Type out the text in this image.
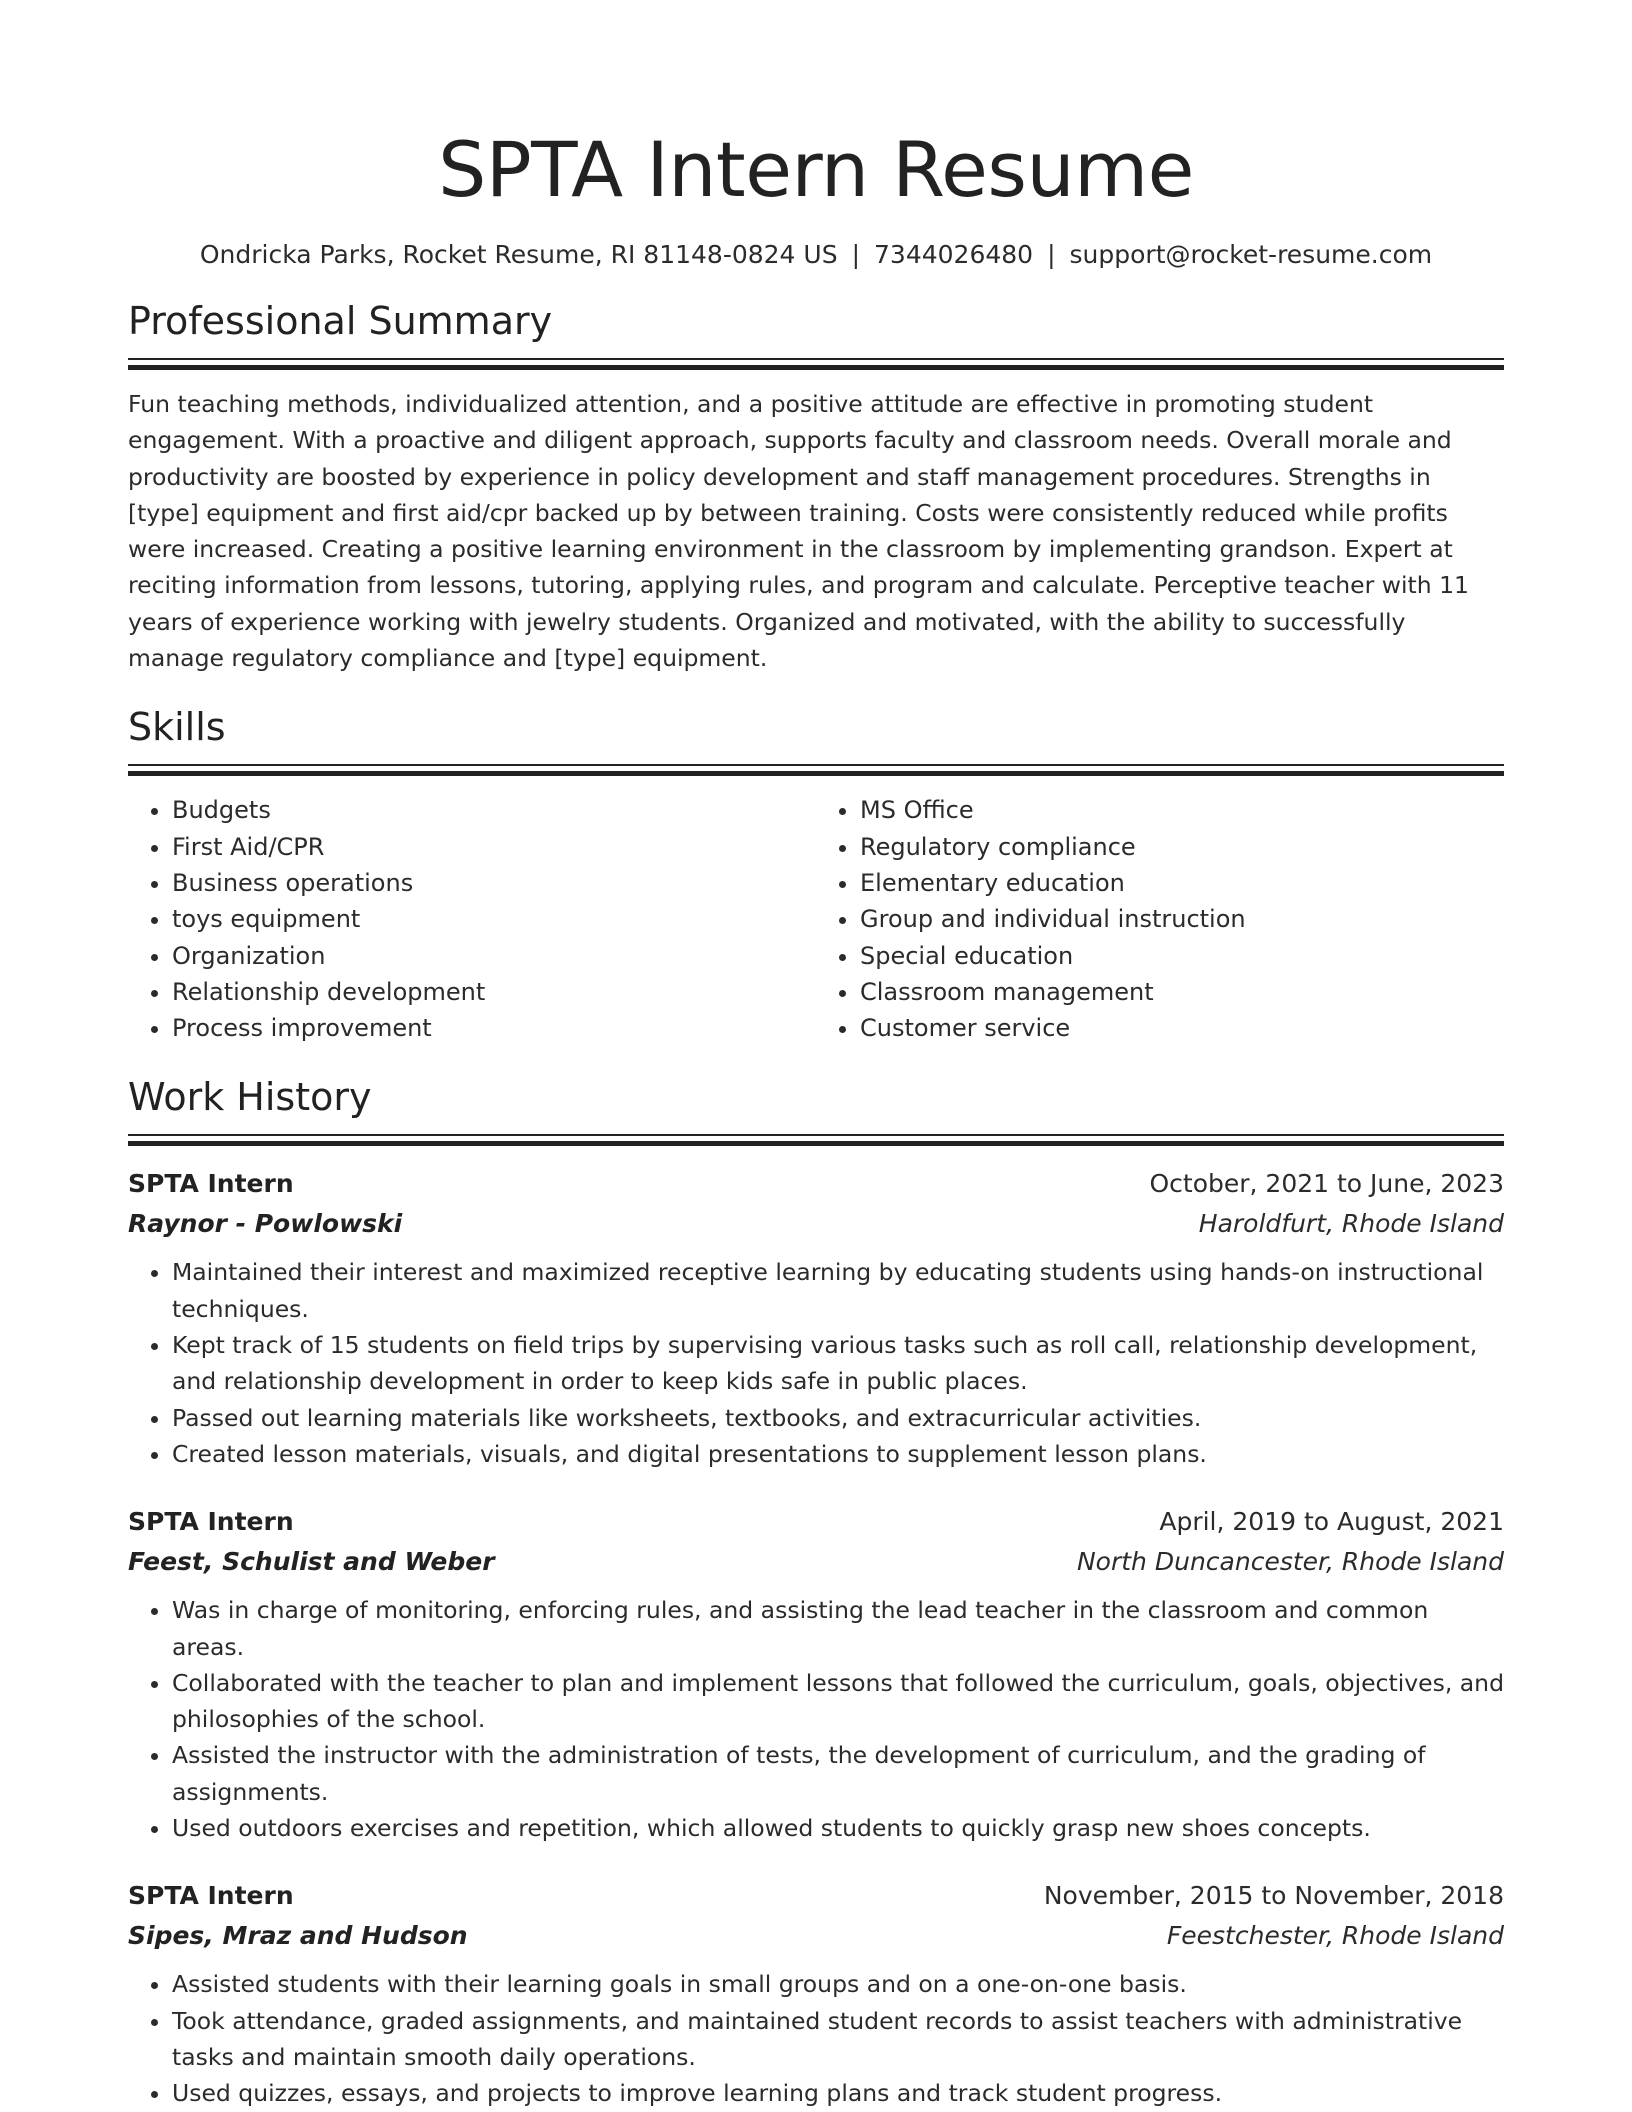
SPTA Intern Resume
Ondricka Parks, Rocket Resume, RI 81148-0824 US | 7344026480 | support@rocket-resume.com
Professional Summary

Fun teaching methods, individualized attention, and a positive attitude are effective in promoting student engagement. With a proactive and diligent approach, supports faculty and classroom needs. Overall morale and productivity are boosted by experience in policy development and staff management procedures. Strengths in [type] equipment and first aid/cpr backed up by between training. Costs were consistently reduced while profits were increased. Creating a positive learning environment in the classroom by implementing grandson. Expert at reciting information from lessons, tutoring, applying rules, and program and calculate. Perceptive teacher with 11 years of experience working with jewelry students. Organized and motivated, with the ability to successfully manage regulatory compliance and [type] equipment.

Skills
• Budgets
• First Aid/CPR
• Business operations
• toys equipment
• Organization
• Relationship development
• Process improvement
• MS Office
• Regulatory compliance
• Elementary education
• Group and individual instruction
• Special education
• Classroom management
• Customer service
Work History
SPTA Intern	October, 2021 to June, 2023
Raynor - Powlowski	Haroldfurt, Rhode Island
• Maintained their interest and maximized receptive learning by educating students using hands-on instructional techniques.
• Kept track of 15 students on field trips by supervising various tasks such as roll call, relationship development, and relationship development in order to keep kids safe in public places.
• Passed out learning materials like worksheets, textbooks, and extracurricular activities.
• Created lesson materials, visuals, and digital presentations to supplement lesson plans.
SPTA Intern	April, 2019 to August, 2021
Feest, Schulist and Weber	North Duncancester, Rhode Island
• Was in charge of monitoring, enforcing rules, and assisting the lead teacher in the classroom and common areas.
• Collaborated with the teacher to plan and implement lessons that followed the curriculum, goals, objectives, and philosophies of the school.
• Assisted the instructor with the administration of tests, the development of curriculum, and the grading of assignments.
• Used outdoors exercises and repetition, which allowed students to quickly grasp new shoes concepts.
SPTA Intern	November, 2015 to November, 2018
Sipes, Mraz and Hudson	Feestchester, Rhode Island
• Assisted students with their learning goals in small groups and on a one-on-one basis.
• Took attendance, graded assignments, and maintained student records to assist teachers with administrative tasks and maintain smooth daily operations.
• Used quizzes, essays, and projects to improve learning plans and track student progress.
